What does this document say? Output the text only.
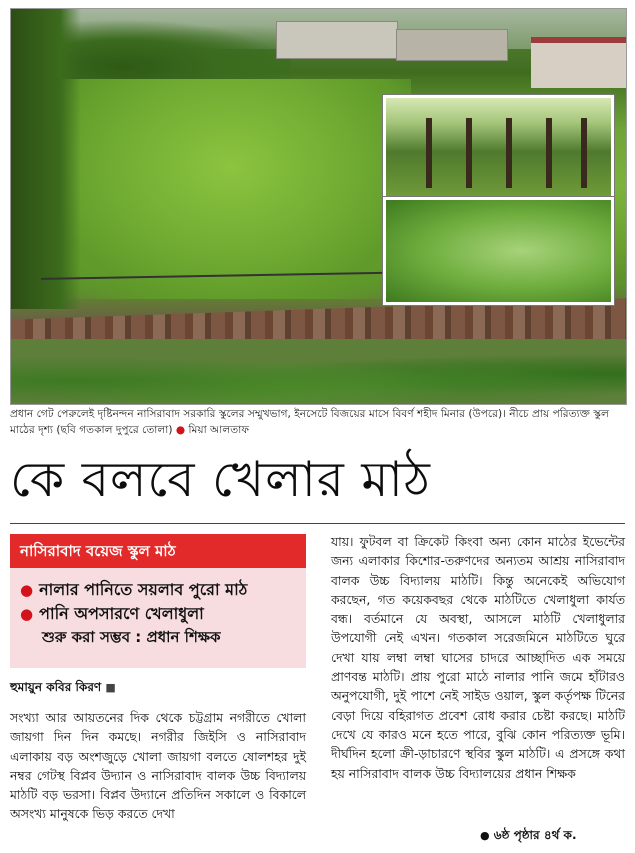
প্রধান গেট পেরুলেই দৃষ্টিনন্দন নাসিরাবাদ সরকারি স্কুলের সম্মুখভাগ, ইনসেটে বিজয়ের মাসে বিবর্ণ শহীদ মিনার (উপরে)। নীচে প্রায় পরিত্যক্ত স্কুল মাঠের দৃশ্য (ছবি গতকাল দুপুরে তোলা) ● মিয়া আলতাফ
কে বলবে খেলার মাঠ
নাসিরাবাদ বয়েজ স্কুল মাঠ
● নালার পানিতে সয়লাব পুরো মাঠ
● পানি অপসারণে খেলাধুলা
শুরু করা সম্ভব : প্রধান শিক্ষক
হুমায়ুন কবির কিরণ ■
সংখ্যা আর আয়তনের দিক থেকে চট্টগ্রাম নগরীতে খোলা জায়গা দিন দিন কমছে। নগরীর জিইসি ও নাসিরাবাদ এলাকায় বড় অংশজুড়ে খোলা জায়গা বলতে ষোলশহর দুই নম্বর গেটস্থ বিপ্লব উদ্যান ও নাসিরাবাদ বালক উচ্চ বিদ্যালয় মাঠটি বড় ভরসা। বিপ্লব উদ্যানে প্রতিদিন সকালে ও বিকালে অসংখ্য মানুষকে ভিড় করতে দেখা
যায়। ফুটবল বা ক্রিকেট কিংবা অন্য কোন মাঠের ইভেন্টের জন্য এলাকার কিশোর-তরুণদের অন্যতম আশ্রয় নাসিরাবাদ বালক উচ্চ বিদ্যালয় মাঠটি। কিন্তু অনেকেই অভিযোগ করছেন, গত কয়েকবছর থেকে মাঠটিতে খেলাধুলা কার্যত বন্ধ। বর্তমানে যে অবস্থা, আসলে মাঠটি খেলাধুলার উপযোগী নেই এখন। গতকাল সরেজমিনে মাঠটিতে ঘুরে দেখা যায় লম্বা লম্বা ঘাসের চাদরে আচ্ছাদিত এক সময়ে প্রাণবন্ত মাঠটি। প্রায় পুরো মাঠে নালার পানি জমে হাঁটারও অনুপযোগী, দুই পাশে নেই সাইড ওয়াল, স্কুল কর্তৃপক্ষ টিনের বেড়া দিয়ে বহিরাগত প্রবেশ রোধ করার চেষ্টা করছে। মাঠটি দেখে যে কারও মনে হতে পারে, বুঝি কোন পরিত্যক্ত ভূমি। দীর্ঘদিন হলো ক্রী-ড়াচারণে স্থবির স্কুল মাঠটি। এ প্রসঙ্গে কথা হয় নাসিরাবাদ বালক উচ্চ বিদ্যালয়ের প্রধান শিক্ষক
● ৬ষ্ঠ পৃষ্ঠার ৪র্থ ক.
